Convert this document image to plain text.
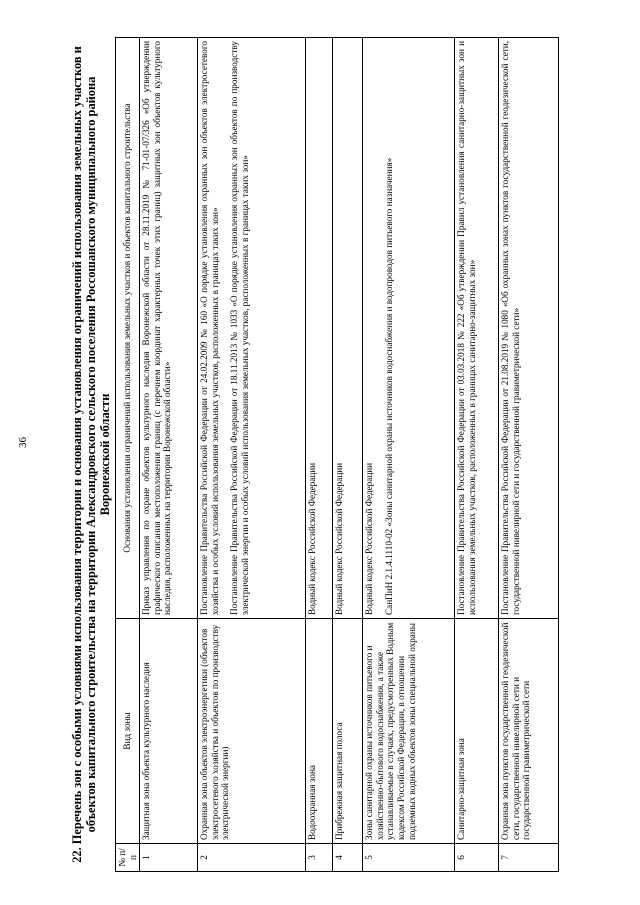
36	22. Перечень зон с особыми условиями использования территории и основания установления ограничений использования земельных участков и объектов капитального строительства на территории Александровского сельского поселения Россошанского муниципального района Воронежской области
№ п/п	Вид зоны	Основания установления ограничений использования земельных участков и объектов капитального строительства
1	Защитная зона объекта культурного наследия	Приказ управления по охране объектов культурного наследия Воронежской области от 28.11.2019 № 71-01-07/326 «Об утверждении графического описания местоположения границ (с перечнем координат характерных точек этих границ) защитных зон объектов культурного наследия, расположенных на территории Воронежской области»

2	Охранная зона объектов электроэнергетики (объектов электросетевого хозяйства и объектов по производству электрической энергии)	Постановление Правительства Российской Федерации от 24.02.2009 № 160 «О порядке установления охранных зон объектов электросетевого хозяйства и особых условий использования земельных участков, расположенных в границах таких зон» Постановление Правительства Российской Федерации от 18.11.2013 № 1033 «О порядке установления охранных зон объектов по производству электрической энергии и особых условий использования земельных участков, расположенных в границах таких зон»

3	Водоохранная зона	Водный кодекс Российской Федерации

4	Прибрежная защитная полоса	Водный кодекс Российской Федерации

5	Зоны санитарной охраны источников питьевого и хозяйственно-бытового водоснабжения, а также устанавливаемые в случаях, предусмотренных Водным кодексом Российской Федерации, в отношении подземных водных объектов зоны специальной охраны	Водный кодекс Российской Федерации СанПиН 2.1.4.1110-02 «Зоны санитарной охраны источников водоснабжения и водопроводов питьевого назначения»

6	Санитарно-защитная зона	Постановление Правительства Российской Федерации от 03.03.2018 № 222 «Об утверждении Правил установления санитарно-защитных зон и использования земельных участков, расположенных в границах санитарно-защитных зон»

7	Охранная зона пунктов государственной геодезической сети, государственной нивелирной сети и государственной гравиметрической сети	Постановление Правительства Российской Федерации от 21.08.2019 № 1080 «Об охранных зонах пунктов государственной геодезической сети, государственной нивелирной сети и государственной гравиметрической сети»
